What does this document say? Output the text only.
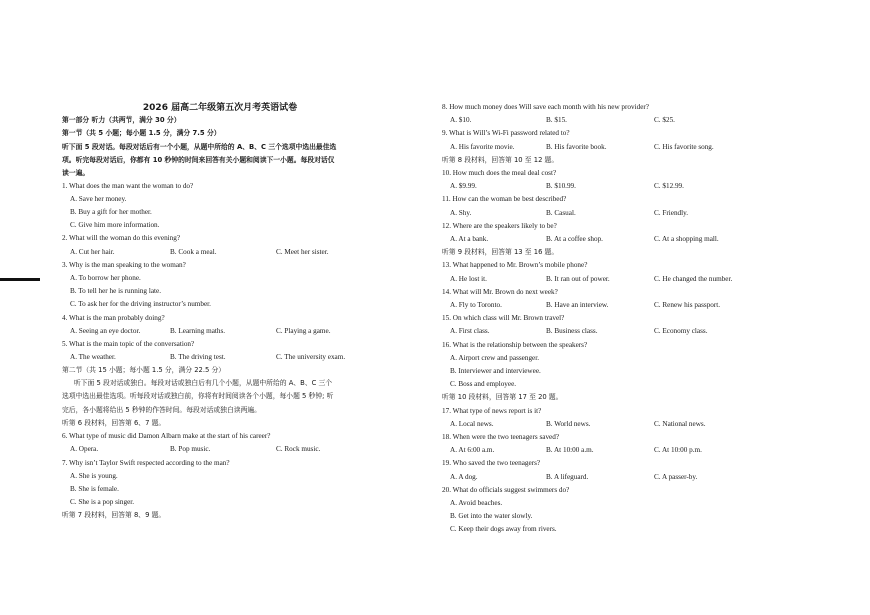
2026 届高二年级第五次月考英语试卷
第一部分 听力（共两节，满分 30 分）
第一节（共 5 小题；每小题 1.5 分，满分 7.5 分）
听下面 5 段对话。每段对话后有一个小题，从题中所给的 A、B、C 三个选项中选出最佳选
项。听完每段对话后，你都有 10 秒钟的时间来回答有关小题和阅读下一小题。每段对话仅
读一遍。
1. What does the man want the woman to do?
A. Save her money.
B. Buy a gift for her mother.
C. Give him more information.
2. What will the woman do this evening?
A. Cut her hair.	B. Cook a meal.	C. Meet her sister.
3. Why is the man speaking to the woman?
A. To borrow her phone.
B. To tell her he is running late.
C. To ask her for the driving instructor’s number.
4. What is the man probably doing?
A. Seeing an eye doctor.	B. Learning maths.	C. Playing a game.
5. What is the main topic of the conversation?
A. The weather.	B. The driving test.	C. The university exam.
第二节（共 15 小题；每小题 1.5 分，满分 22.5 分）
听下面 5 段对话或独白。每段对话或独白后有几个小题，从题中所给的 A、B、C 三个
选项中选出最佳选项。听每段对话或独白前，你将有时间阅读各个小题，每小题 5 秒钟; 听
完后，各小题将给出 5 秒钟的作答时间。每段对话或独白读两遍。
听第 6 段材料，回答第 6、7 题。
6. What type of music did Damon Albarn make at the start of his career?
A. Opera.	B. Pop music.	C. Rock music.
7. Why isn’t Taylor Swift respected according to the man?
A. She is young.
B. She is female.
C. She is a pop singer.
听第 7 段材料，回答第 8、9 题。
8. How much money does Will save each month with his new provider?
A. $10.	B. $15.	C. $25.
9. What is Will’s Wi-Fi password related to?
A. His favorite movie.	B. His favorite book.	C. His favorite song.
听第 8 段材料，回答第 10 至 12 题。
10. How much does the meal deal cost?
A. $9.99.	B. $10.99.	C. $12.99.
11. How can the woman be best described?
A. Shy.	B. Casual.	C. Friendly.
12. Where are the speakers likely to be?
A. At a bank.	B. At a coffee shop.	C. At a shopping mall.
听第 9 段材料，回答第 13 至 16 题。
13. What happened to Mr. Brown’s mobile phone?
A. He lost it.	B. It ran out of power.	C. He changed the number.
14. What will Mr. Brown do next week?
A. Fly to Toronto.	B. Have an interview.	C. Renew his passport.
15. On which class will Mr. Brown travel?
A. First class.	B. Business class.	C. Economy class.
16. What is the relationship between the speakers?
A. Airport crew and passenger.
B. Interviewer and interviewee.
C. Boss and employee.
听第 10 段材料，回答第 17 至 20 题。
17. What type of news report is it?
A. Local news.	B. World news.	C. National news.
18. When were the two teenagers saved?
A. At 6:00 a.m.	B. At 10:00 a.m.	C. At 10:00 p.m.
19. Who saved the two teenagers?
A. A dog.	B. A lifeguard.	C. A passer-by.
20. What do officials suggest swimmers do?
A. Avoid beaches.
B. Get into the water slowly.
C. Keep their dogs away from rivers.
